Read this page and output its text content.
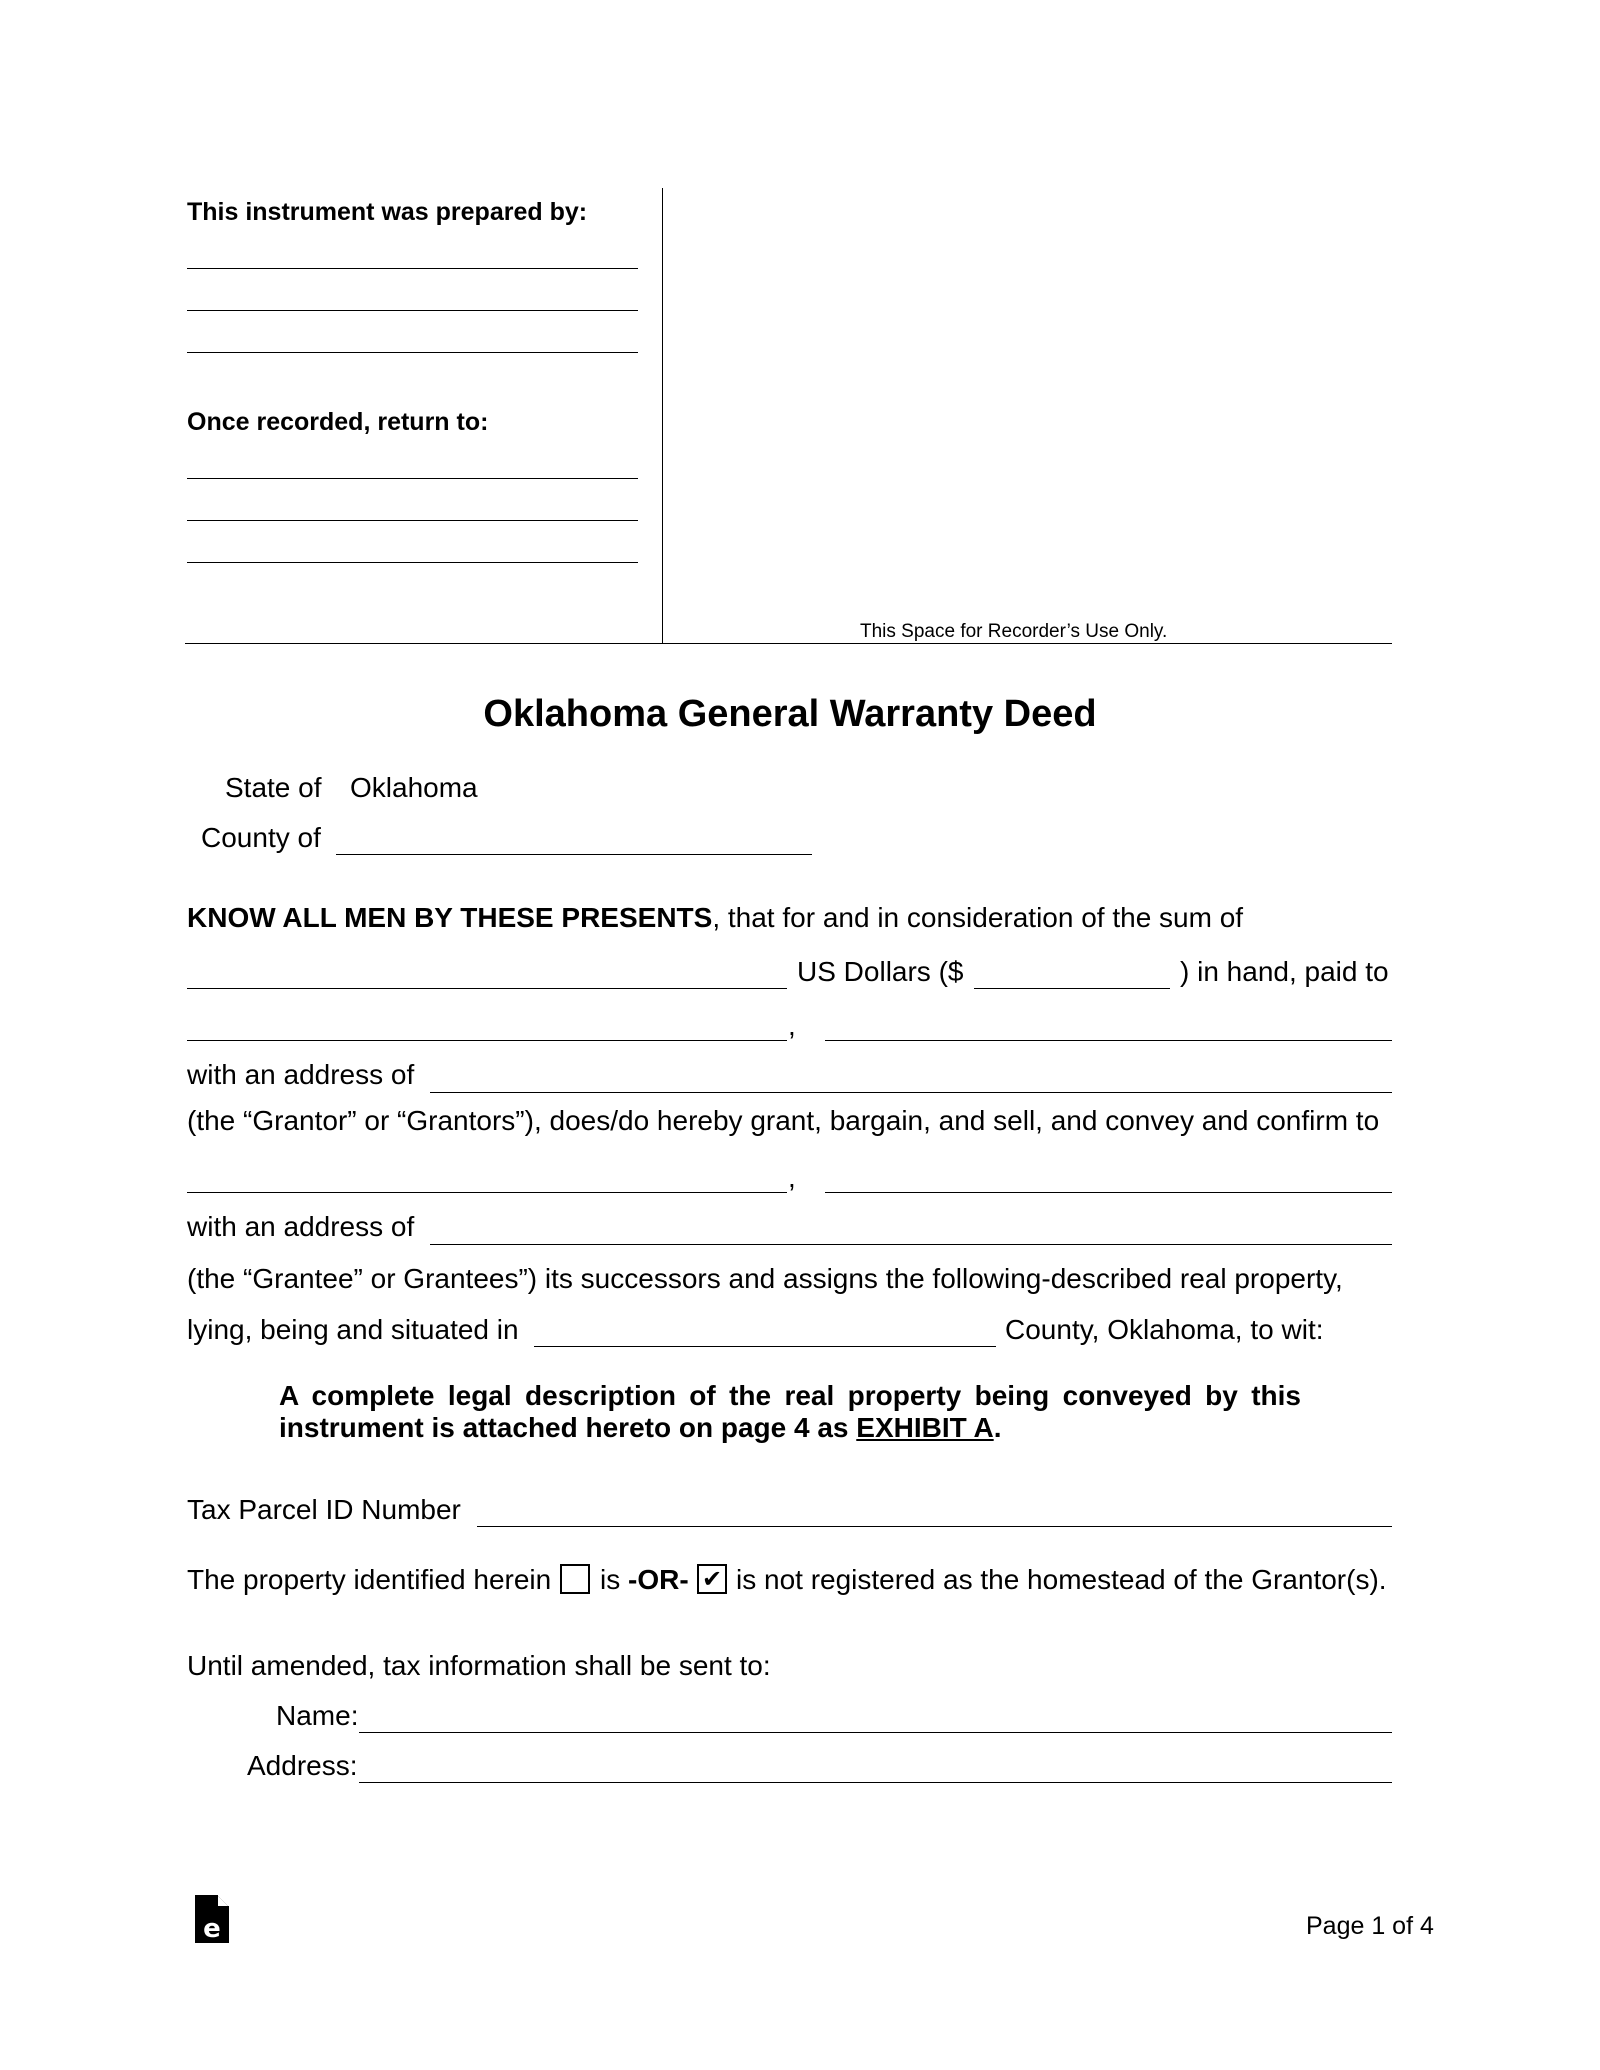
This instrument was prepared by:
Once recorded, return to:
This Space for Recorder’s Use Only.
Oklahoma General Warranty Deed
State of Oklahoma
County of
KNOW ALL MEN BY THESE PRESENTS, that for and in consideration of the sum of
US Dollars ($	) in hand, paid to
,
with an address of
(the “Grantor” or “Grantors”), does/do hereby grant, bargain, and sell, and convey and confirm to
,
with an address of
(the “Grantee” or Grantees”) its successors and assigns the following-described real property,
lying, being and situated in	County, Oklahoma, to wit:
A complete legal description of the real property being conveyed by this
instrument is attached hereto on page 4 as EXHIBIT A.
Tax Parcel ID Number
The property identified herein is -OR- ✔ is not registered as the homestead of the Grantor(s).
Until amended, tax information shall be sent to:
Name:
Address:
e	Page 1 of 4
